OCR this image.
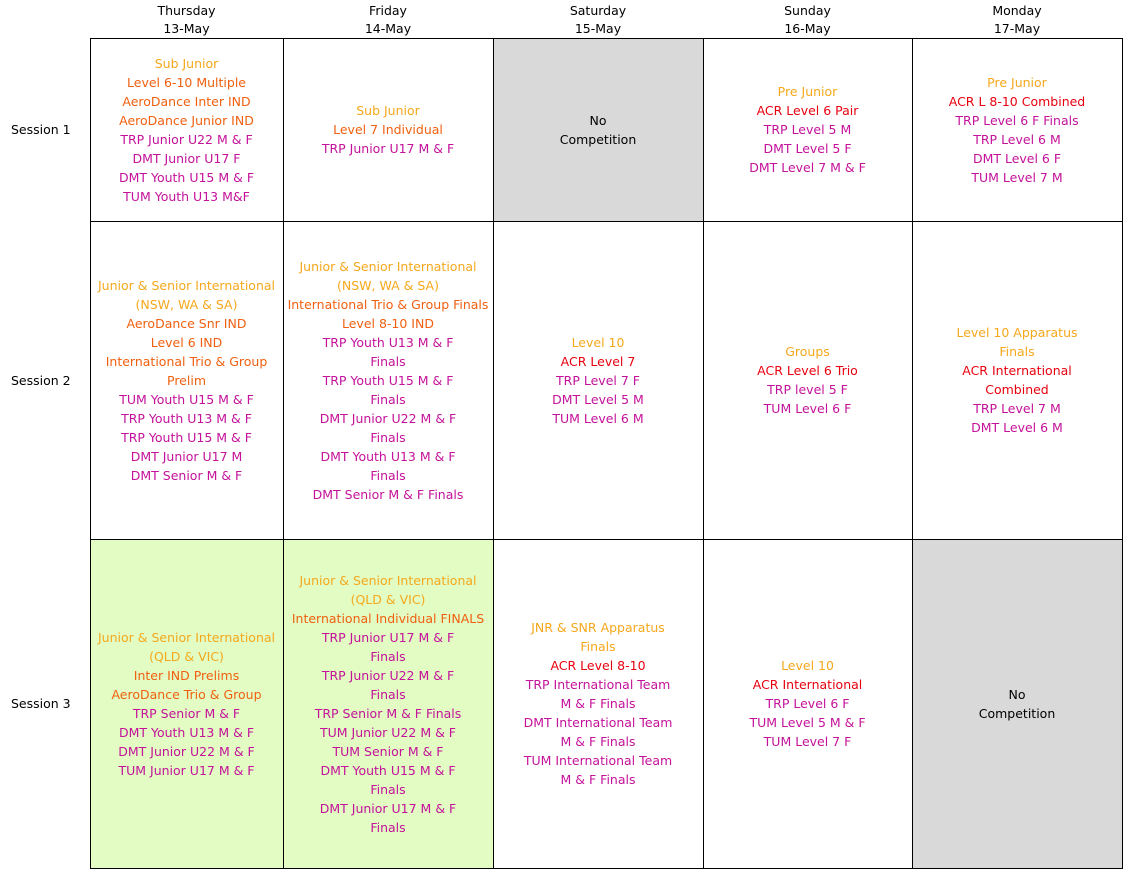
Thursday
13-May
Friday
14-May
Saturday
15-May
Sunday
16-May
Monday
17-May
Session 1
Sub Junior
Level 6-10 Multiple
AeroDance Inter IND
AeroDance Junior IND
TRP Junior U22 M & F
DMT Junior U17 F
DMT Youth U15 M & F
TUM Youth U13 M&F
Sub Junior
Level 7 Individual
TRP Junior U17 M & F
No
Competition
Pre Junior
ACR Level 6 Pair
TRP Level 5 M
DMT Level 5 F
DMT Level 7 M & F
Pre Junior
ACR L 8-10 Combined
TRP Level 6 F Finals
TRP Level 6 M
DMT Level 6 F
TUM Level 7 M
Session 2
Junior & Senior International
(NSW, WA & SA)
AeroDance Snr IND
Level 6 IND
International Trio & Group
Prelim
TUM Youth U15 M & F
TRP Youth U13 M & F
TRP Youth U15 M & F
DMT Junior U17 M
DMT Senior M & F
Junior & Senior International
(NSW, WA & SA)
International Trio & Group Finals
Level 8-10 IND
TRP Youth U13 M & F
Finals
TRP Youth U15 M & F
Finals
DMT Junior U22 M & F
Finals
DMT Youth U13 M & F
Finals
DMT Senior M & F Finals
Level 10
ACR Level 7
TRP Level 7 F
DMT Level 5 M
TUM Level 6 M
Groups
ACR Level 6 Trio
TRP level 5 F
TUM Level 6 F
Level 10 Apparatus
Finals
ACR International
Combined
TRP Level 7 M
DMT Level 6 M
Session 3
Junior & Senior International
(QLD & VIC)
Inter IND Prelims
AeroDance Trio & Group
TRP Senior M & F
DMT Youth U13 M & F
DMT Junior U22 M & F
TUM Junior U17 M & F
Junior & Senior International
(QLD & VIC)
International Individual FINALS
TRP Junior U17 M & F
Finals
TRP Junior U22 M & F
Finals
TRP Senior M & F Finals
TUM Junior U22 M & F
TUM Senior M & F
DMT Youth U15 M & F
Finals
DMT Junior U17 M & F
Finals
JNR & SNR Apparatus
Finals
ACR Level 8-10
TRP International Team
M & F Finals
DMT International Team
M & F Finals
TUM International Team
M & F Finals
Level 10
ACR International
TRP Level 6 F
TUM Level 5 M & F
TUM Level 7 F
No
Competition
